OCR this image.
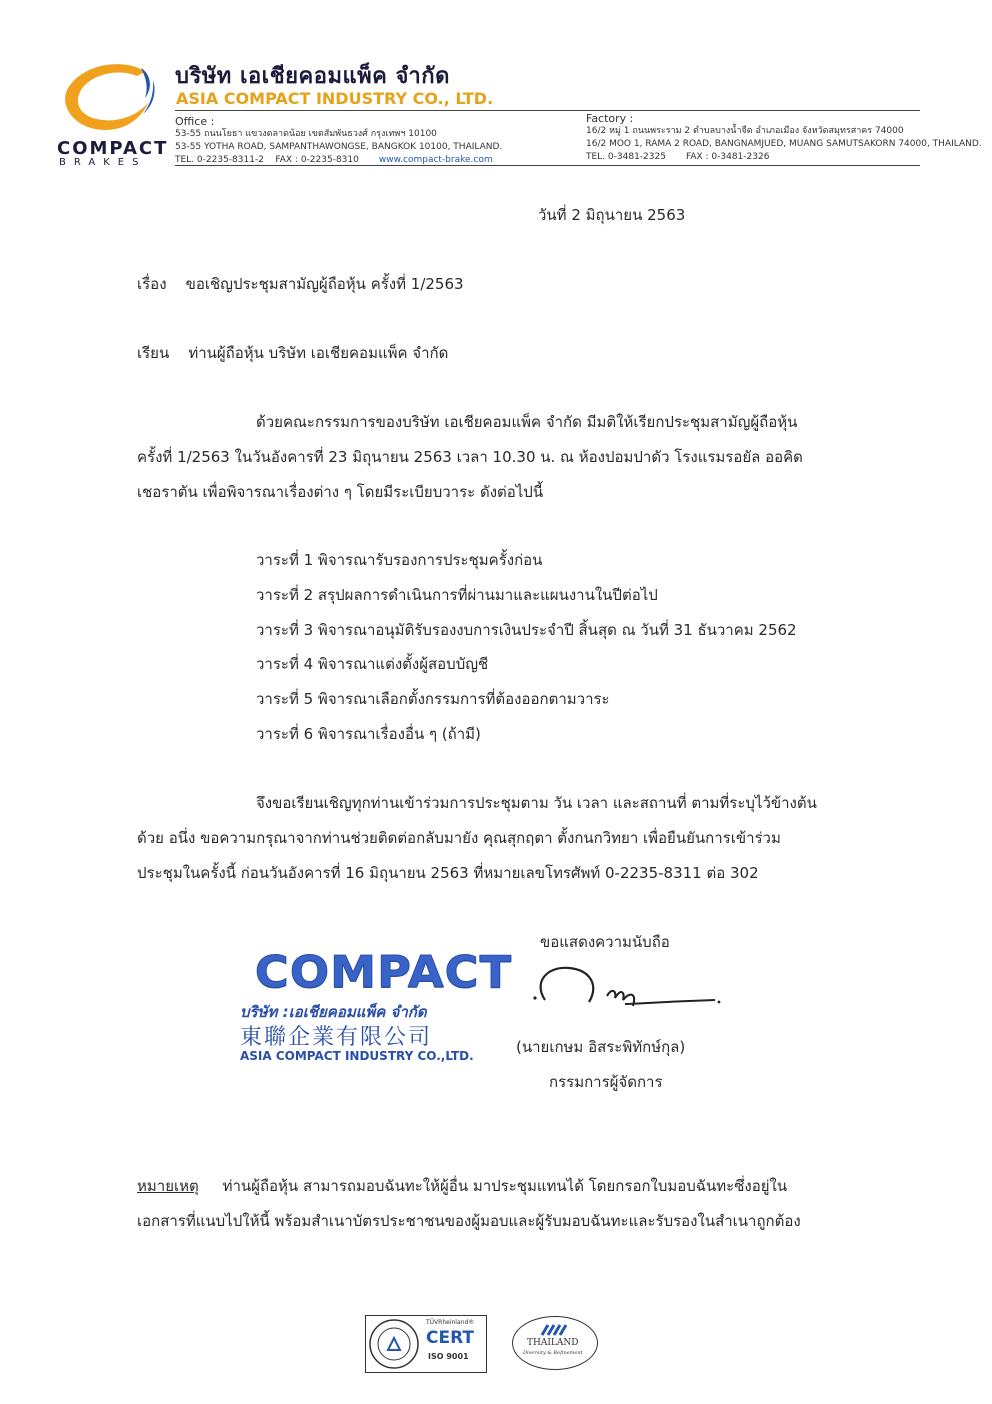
COMPACT
BRAKES
บริษัท เอเชียคอมแพ็ค จำกัด
ASIA COMPACT INDUSTRY CO., LTD.
Office :
53-55 ถนนโยธา แขวงตลาดน้อย เขตสัมพันธวงศ์ กรุงเทพฯ 10100
53-55 YOTHA ROAD, SAMPANTHAWONGSE, BANGKOK 10100, THAILAND.
TEL. 0-2235-8311-2 FAX : 0-2235-8310 www.compact-brake.com
Factory :
16/2 หมู่ 1 ถนนพระราม 2 ตำบลบางน้ำจืด อำเภอเมือง จังหวัดสมุทรสาคร 74000
16/2 MOO 1, RAMA 2 ROAD, BANGNAMJUED, MUANG SAMUTSAKORN 74000, THAILAND.
TEL. 0-3481-2325 FAX : 0-3481-2326
วันที่ 2 มิถุนายน 2563
เรื่อง ขอเชิญประชุมสามัญผู้ถือหุ้น ครั้งที่ 1/2563
เรียน ท่านผู้ถือหุ้น บริษัท เอเชียคอมแพ็ค จำกัด
ด้วยคณะกรรมการของบริษัท เอเชียคอมแพ็ค จำกัด มีมติให้เรียกประชุมสามัญผู้ถือหุ้น
ครั้งที่ 1/2563 ในวันอังคารที่ 23 มิถุนายน 2563 เวลา 10.30 น. ณ ห้องปอมปาดัว โรงแรมรอยัล ออคิด
เชอราตัน เพื่อพิจารณาเรื่องต่าง ๆ โดยมีระเบียบวาระ ดังต่อไปนี้
วาระที่ 1 พิจารณารับรองการประชุมครั้งก่อน
วาระที่ 2 สรุปผลการดำเนินการที่ผ่านมาและแผนงานในปีต่อไป
วาระที่ 3 พิจารณาอนุมัติรับรองงบการเงินประจำปี สิ้นสุด ณ วันที่ 31 ธันวาคม 2562
วาระที่ 4 พิจารณาแต่งตั้งผู้สอบบัญชี
วาระที่ 5 พิจารณาเลือกตั้งกรรมการที่ต้องออกตามวาระ
วาระที่ 6 พิจารณาเรื่องอื่น ๆ (ถ้ามี)
จึงขอเรียนเชิญทุกท่านเข้าร่วมการประชุมตาม วัน เวลา และสถานที่ ตามที่ระบุไว้ข้างต้น
ด้วย อนึ่ง ขอความกรุณาจากท่านช่วยติดต่อกลับมายัง คุณสุกฤตา ตั้งกนกวิทยา เพื่อยืนยันการเข้าร่วม
ประชุมในครั้งนี้ ก่อนวันอังคารที่ 16 มิถุนายน 2563 ที่หมายเลขโทรศัพท์ 0-2235-8311 ต่อ 302
ขอแสดงความนับถือ
COMPACT
บริษัท :เอเชียคอมแพ็ค จำกัด
東聯企業有限公司
ASIA COMPACT INDUSTRY CO.,LTD.	(นายเกษม อิสระพิทักษ์กุล)
กรรมการผู้จัดการ
หมายเหตุ ท่านผู้ถือหุ้น สามารถมอบฉันทะให้ผู้อื่น มาประชุมแทนได้ โดยกรอกใบมอบฉันทะซึ่งอยู่ใน
เอกสารที่แนบไปให้นี้ พร้อมสำเนาบัตรประชาชนของผู้มอบและผู้รับมอบฉันทะและรับรองในสำเนาถูกต้อง
TÜVRheinland®
CERT
ISO 9001
THAILAND
Diversity & Refinement
